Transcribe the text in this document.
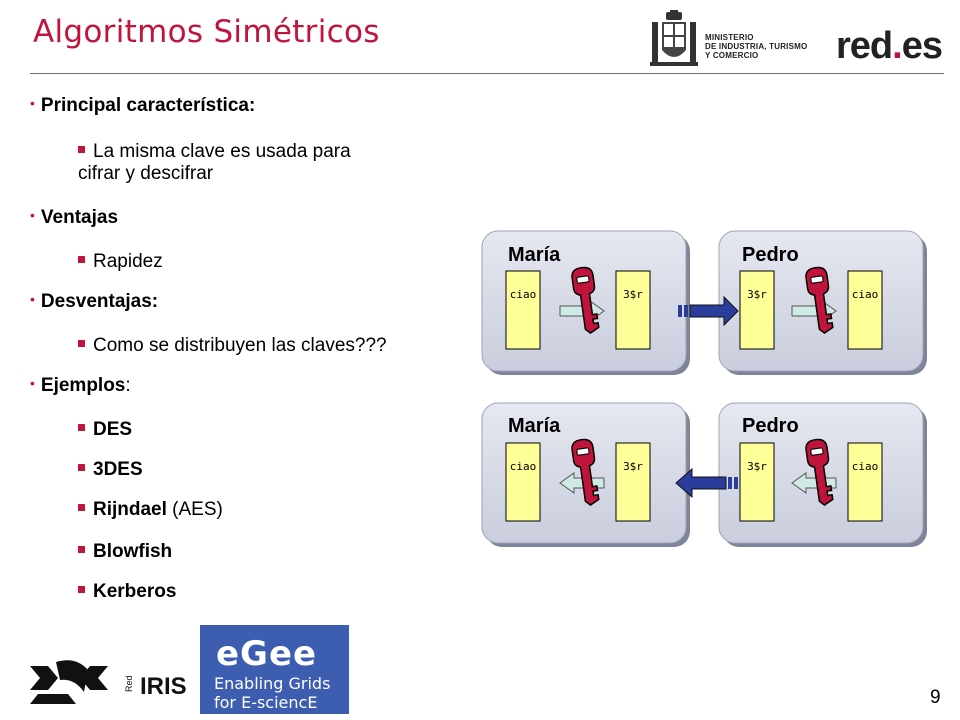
Algoritmos Simétricos	MINISTERIO
DE INDUSTRIA, TURISMO
Y COMERCIO	red.es
• Principal característica:
La misma clave es usada para
cifrar y descifrar
• Ventajas
Rapidez
• Desventajas:
Como se distribuyen las claves???
• Ejemplos:
DES
3DES
Rijndael (AES)
Blowfish
Kerberos
María
ciao	3$r
Pedro
3$r	ciao
María
ciao	3$r
Pedro
3$r	ciao
Red IRIS
eGee
Enabling Grids
for E-sciencE	9
